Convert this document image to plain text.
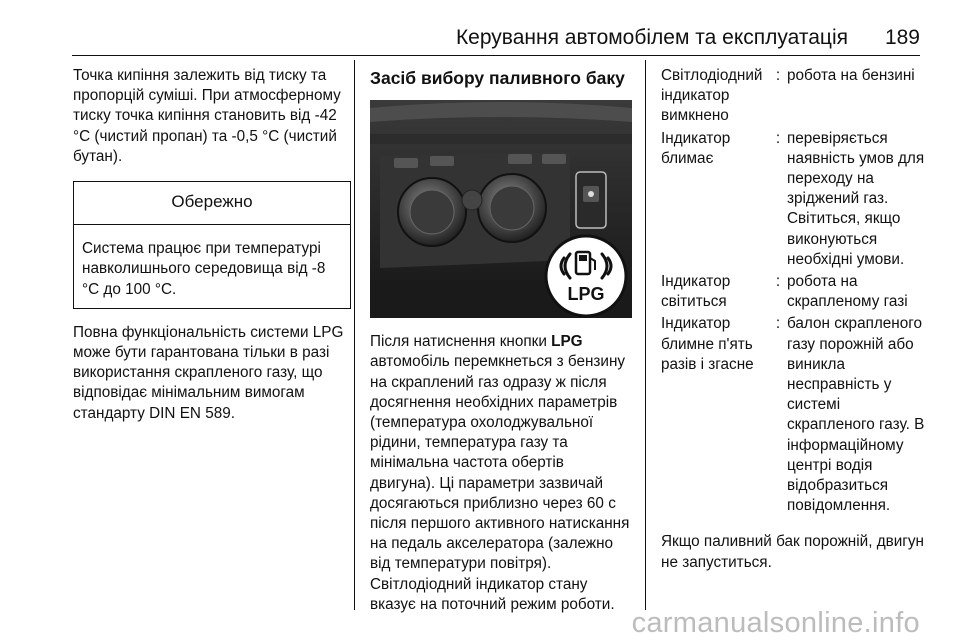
Керування автомобілем та експлуатація 189

Точка кипіння залежить від тиску та пропорцій суміші. При атмосферному тиску точка кипіння становить від -42 °C (чистий пропан) та -0,5 °C (чистий бутан).

Обережно
Система працює при температурі навколишнього середовища від -8 °C до 100 °C.

Повна функціональність системи LPG може бути гарантована тільки в разі використання скрапленого газу, що відповідає мінімальним вимогам стандарту DIN EN 589.

Засіб вибору паливного баку
LPG

Після натиснення кнопки LPG автомобіль перемкнеться з бензину на скраплений газ одразу ж після досягнення необхідних параметрів (температура охолоджувальної рідини, температура газу та мінімальна частота обертів двигуна). Ці параметри зазвичай досягаються приблизно через 60 с після першого активного натискання на педаль акселератора (залежно від температури повітря). Світлодіодний індикатор стану вказує на поточний режим роботи.

Світлодіодний індикатор вимкнено	:	робота на бензині
Індикатор блимає	:	перевіряється наявність умов для переходу на зріджений газ. Світиться, якщо виконуються необхідні умови.
Індикатор світиться	:	робота на скрапленому газі
Індикатор блимне п'ять разів і згасне	:	балон скрапленого газу порожній або виникла несправність у системі скрапленого газу. В інформаційному центрі водія відобразиться повідомлення.

Якщо паливний бак порожній, двигун не запуститься.

carmanualsonline.info
